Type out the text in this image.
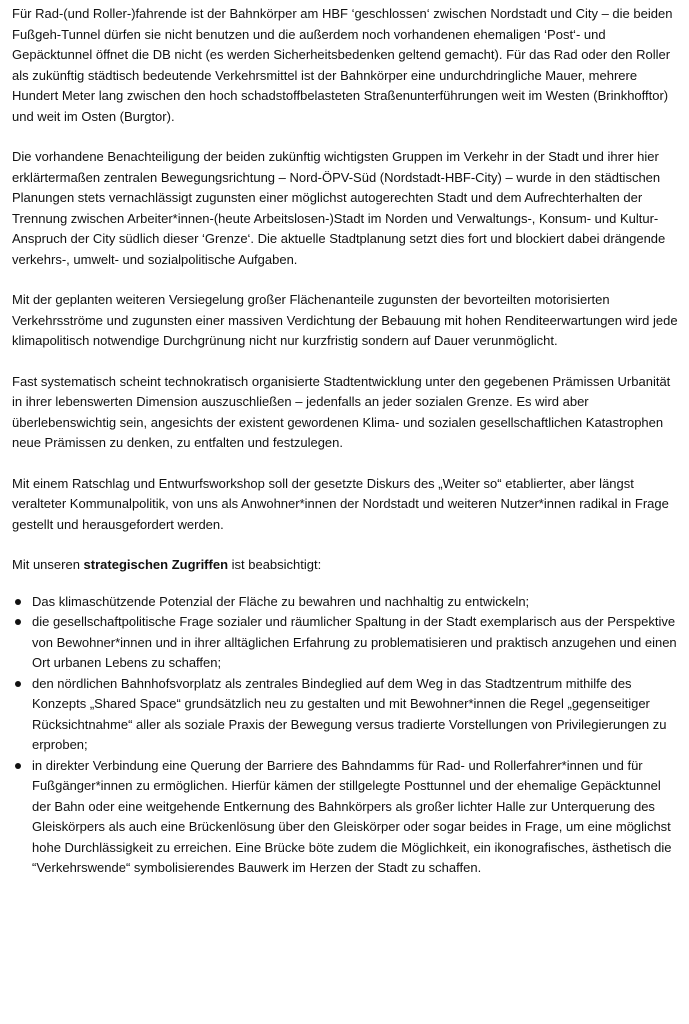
Für Rad-(und Roller-)fahrende ist der Bahnkörper am HBF ‘geschlossen‘ zwischen Nordstadt und City – die beiden Fußgeh-Tunnel dürfen sie nicht benutzen und die außerdem noch vorhandenen ehemaligen ‘Post‘- und Gepäcktunnel öffnet die DB nicht (es werden Sicherheitsbedenken geltend gemacht). Für das Rad oder den Roller als zukünftig städtisch bedeutende Verkehrsmittel ist der Bahnkörper eine undurchdringliche Mauer, mehrere Hundert Meter lang zwischen den hoch schadstoffbelasteten Straßenunterführungen weit im Westen (Brinkhofftor) und weit im Osten (Burgtor).

Die vorhandene Benachteiligung der beiden zukünftig wichtigsten Gruppen im Verkehr in der Stadt und ihrer hier erklärtermaßen zentralen Bewegungsrichtung – Nord-ÖPV-Süd (Nordstadt-HBF-City) – wurde in den städtischen Planungen stets vernachlässigt zugunsten einer möglichst autogerechten Stadt und dem Aufrechterhalten der Trennung zwischen Arbeiter*innen-(heute Arbeitslosen-)Stadt im Norden und Verwaltungs-, Konsum- und Kultur-Anspruch der City südlich dieser ‘Grenze‘. Die aktuelle Stadtplanung setzt dies fort und blockiert dabei drängende verkehrs-, umwelt- und sozialpolitische Aufgaben.

Mit der geplanten weiteren Versiegelung großer Flächenanteile zugunsten der bevorteilten motorisierten Verkehrsströme und zugunsten einer massiven Verdichtung der Bebauung mit hohen Renditeerwartungen wird jede klimapolitisch notwendige Durchgrünung nicht nur kurzfristig sondern auf Dauer verunmöglicht.

Fast systematisch scheint technokratisch organisierte Stadtentwicklung unter den gegebenen Prämissen Urbanität in ihrer lebenswerten Dimension auszuschließen – jedenfalls an jeder sozialen Grenze. Es wird aber überlebenswichtig sein, angesichts der existent gewordenen Klima- und sozialen gesellschaftlichen Katastrophen neue Prämissen zu denken, zu entfalten und festzulegen.

Mit einem Ratschlag und Entwurfsworkshop soll der gesetzte Diskurs des „Weiter so“ etablierter, aber längst veralteter Kommunalpolitik, von uns als Anwohner*innen der Nordstadt und weiteren Nutzer*innen radikal in Frage gestellt und herausgefordert werden.

Mit unseren strategischen Zugriffen ist beabsichtigt:

Das klimaschützende Potenzial der Fläche zu bewahren und nachhaltig zu entwickeln;
die gesellschaftpolitische Frage sozialer und räumlicher Spaltung in der Stadt exemplarisch aus der Perspektive von Bewohner*innen und in ihrer alltäglichen Erfahrung zu problematisieren und praktisch anzugehen und einen Ort urbanen Lebens zu schaffen;
den nördlichen Bahnhofsvorplatz als zentrales Bindeglied auf dem Weg in das Stadtzentrum mithilfe des Konzepts „Shared Space“ grundsätzlich neu zu gestalten und mit Bewohner*innen die Regel „gegenseitiger Rücksichtnahme“ aller als soziale Praxis der Bewegung versus tradierte Vorstellungen von Privilegierungen zu erproben;
in direkter Verbindung eine Querung der Barriere des Bahndamms für Rad- und Rollerfahrer*innen und für Fußgänger*innen zu ermöglichen. Hierfür kämen der stillgelegte Posttunnel und der ehemalige Gepäcktunnel der Bahn oder eine weitgehende Entkernung des Bahnkörpers als großer lichter Halle zur Unterquerung des Gleiskörpers als auch eine Brückenlösung über den Gleiskörper oder sogar beides in Frage, um eine möglichst hohe Durchlässigkeit zu erreichen. Eine Brücke böte zudem die Möglichkeit, ein ikonografisches, ästhetisch die “Verkehrswende“ symbolisierendes Bauwerk im Herzen der Stadt zu schaffen.
